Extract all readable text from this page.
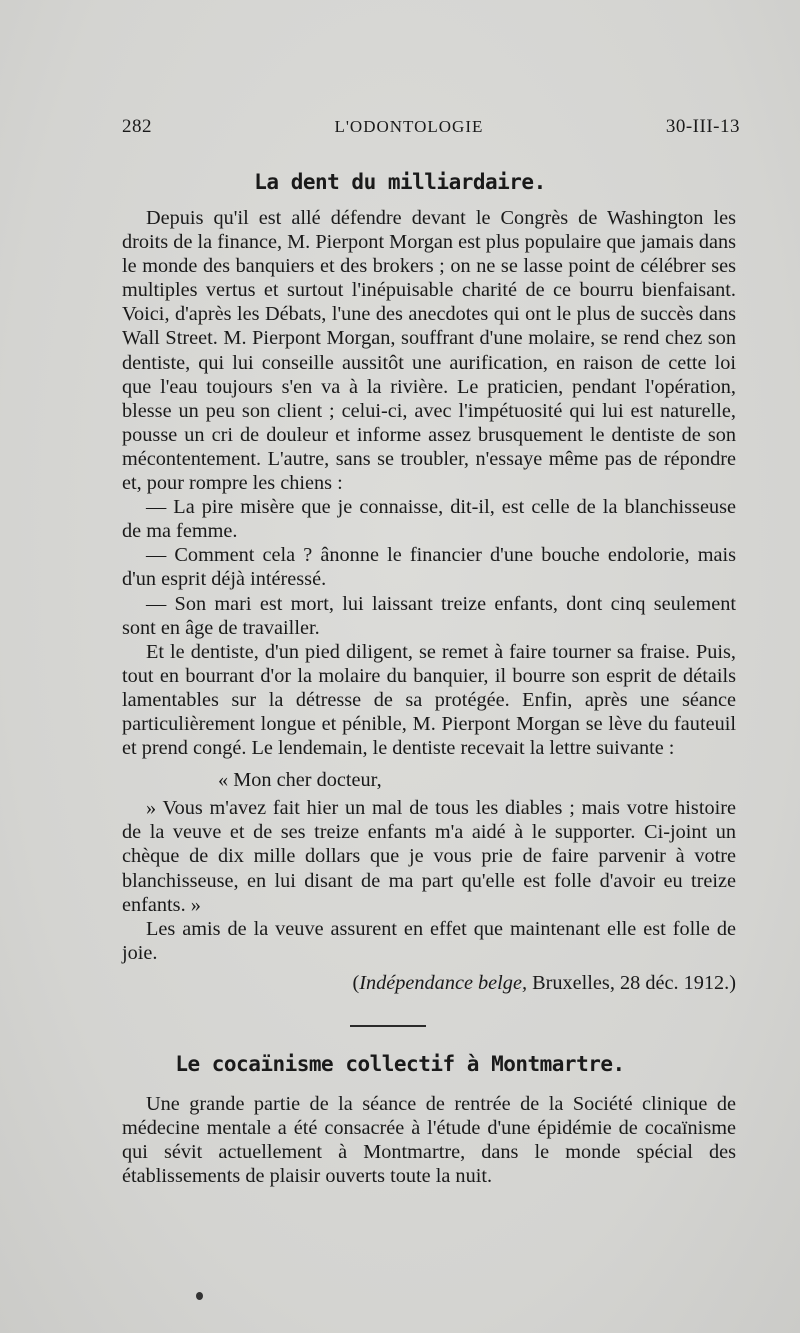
282	L'ODONTOLOGIE	30-III-13
La dent du milliardaire.

Depuis qu'il est allé défendre devant le Congrès de Washington les droits de la finance, M. Pierpont Morgan est plus populaire que jamais dans le monde des banquiers et des brokers ; on ne se lasse point de célébrer ses multiples vertus et surtout l'inépuisable charité de ce bourru bienfaisant. Voici, d'après les Débats, l'une des anecdotes qui ont le plus de succès dans Wall Street. M. Pierpont Morgan, souffrant d'une molaire, se rend chez son dentiste, qui lui conseille aussitôt une aurification, en raison de cette loi que l'eau toujours s'en va à la rivière. Le praticien, pendant l'opération, blesse un peu son client ; celui-ci, avec l'impétuosité qui lui est naturelle, pousse un cri de douleur et informe assez brusquement le dentiste de son mécontentement. L'autre, sans se troubler, n'essaye même pas de répondre et, pour rompre les chiens :

— La pire misère que je connaisse, dit-il, est celle de la blanchisseuse de ma femme.

— Comment cela ? ânonne le financier d'une bouche endolorie, mais d'un esprit déjà intéressé.

— Son mari est mort, lui laissant treize enfants, dont cinq seulement sont en âge de travailler.

Et le dentiste, d'un pied diligent, se remet à faire tourner sa fraise. Puis, tout en bourrant d'or la molaire du banquier, il bourre son esprit de détails lamentables sur la détresse de sa protégée. Enfin, après une séance particulièrement longue et pénible, M. Pierpont Morgan se lève du fauteuil et prend congé. Le lendemain, le dentiste recevait la lettre suivante :

« Mon cher docteur,

» Vous m'avez fait hier un mal de tous les diables ; mais votre histoire de la veuve et de ses treize enfants m'a aidé à le supporter. Ci-joint un chèque de dix mille dollars que je vous prie de faire parvenir à votre blanchisseuse, en lui disant de ma part qu'elle est folle d'avoir eu treize enfants. »

Les amis de la veuve assurent en effet que maintenant elle est folle de joie.

(Indépendance belge, Bruxelles, 28 déc. 1912.)

Le cocaïnisme collectif à Montmartre.

Une grande partie de la séance de rentrée de la Société clinique de médecine mentale a été consacrée à l'étude d'une épidémie de cocaïnisme qui sévit actuellement à Montmartre, dans le monde spécial des établissements de plaisir ouverts toute la nuit.
